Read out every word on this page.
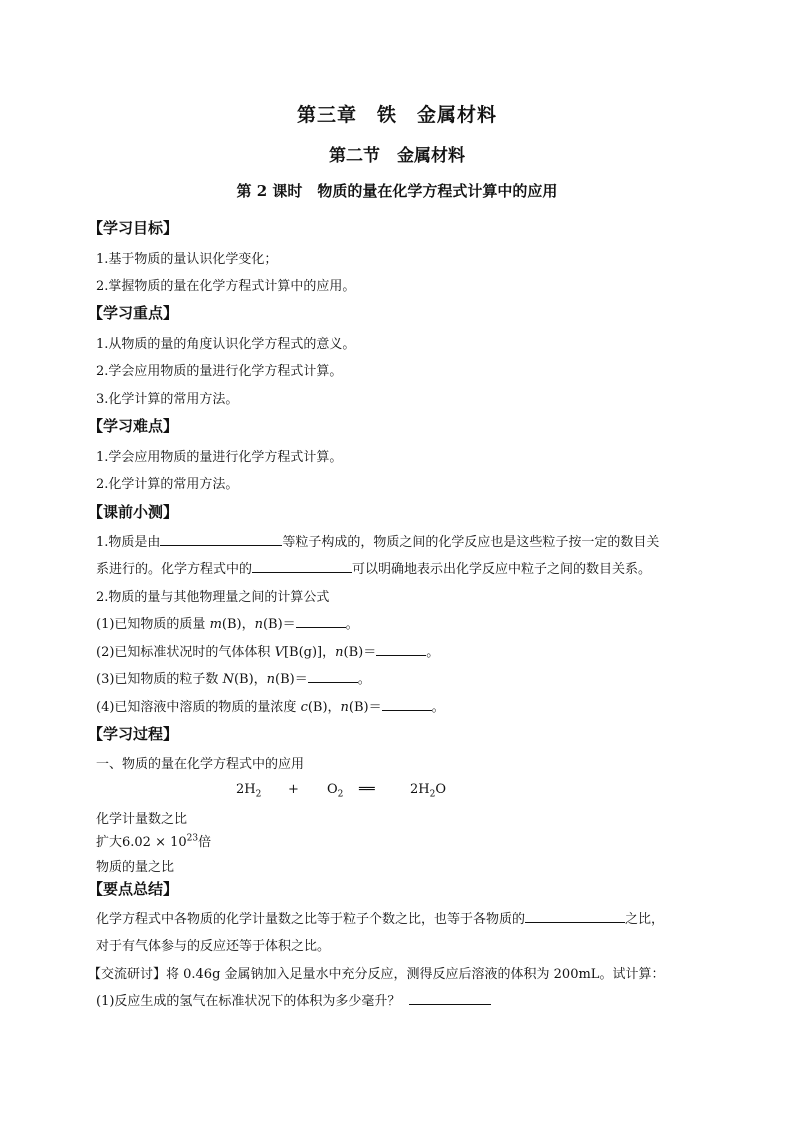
第三章　铁　金属材料
第二节　金属材料
第 2 课时　物质的量在化学方程式计算中的应用
【学习目标】
1.基于物质的量认识化学变化；
2.掌握物质的量在化学方程式计算中的应用。
【学习重点】
1.从物质的量的角度认识化学方程式的意义。
2.学会应用物质的量进行化学方程式计算。
3.化学计算的常用方法。
【学习难点】
1.学会应用物质的量进行化学方程式计算。
2.化学计算的常用方法。
【课前小测】
1.物质是由	等粒子构成的，物质之间的化学反应也是这些粒子按一定的数目关
系进行的。化学方程式中的	可以明确地表示出化学反应中粒子之间的数目关系。
2.物质的量与其他物理量之间的计算公式
(1)已知物质的质量 m(B)，n(B)＝	。
(2)已知标准状况时的气体体积 V[B(g)]，n(B)＝	。
(3)已知物质的粒子数 N(B)，n(B)＝	。
(4)已知溶液中溶质的物质的量浓度 c(B)，n(B)＝	。
【学习过程】
一、物质的量在化学方程式中的应用
$2H_2 + O_2$ ══	$2H_2O$
化学计量数之比
扩大$6.02 \times 10^{23}$倍
物质的量之比
【要点总结】
化学方程式中各物质的化学计量数之比等于粒子个数之比，也等于各物质的	之比，
对于有气体参与的反应还等于体积之比。
【交流研讨】将 0.46g 金属钠加入足量水中充分反应，测得反应后溶液的体积为 200mL。试计算：
(1)反应生成的氢气在标准状况下的体积为多少毫升？
